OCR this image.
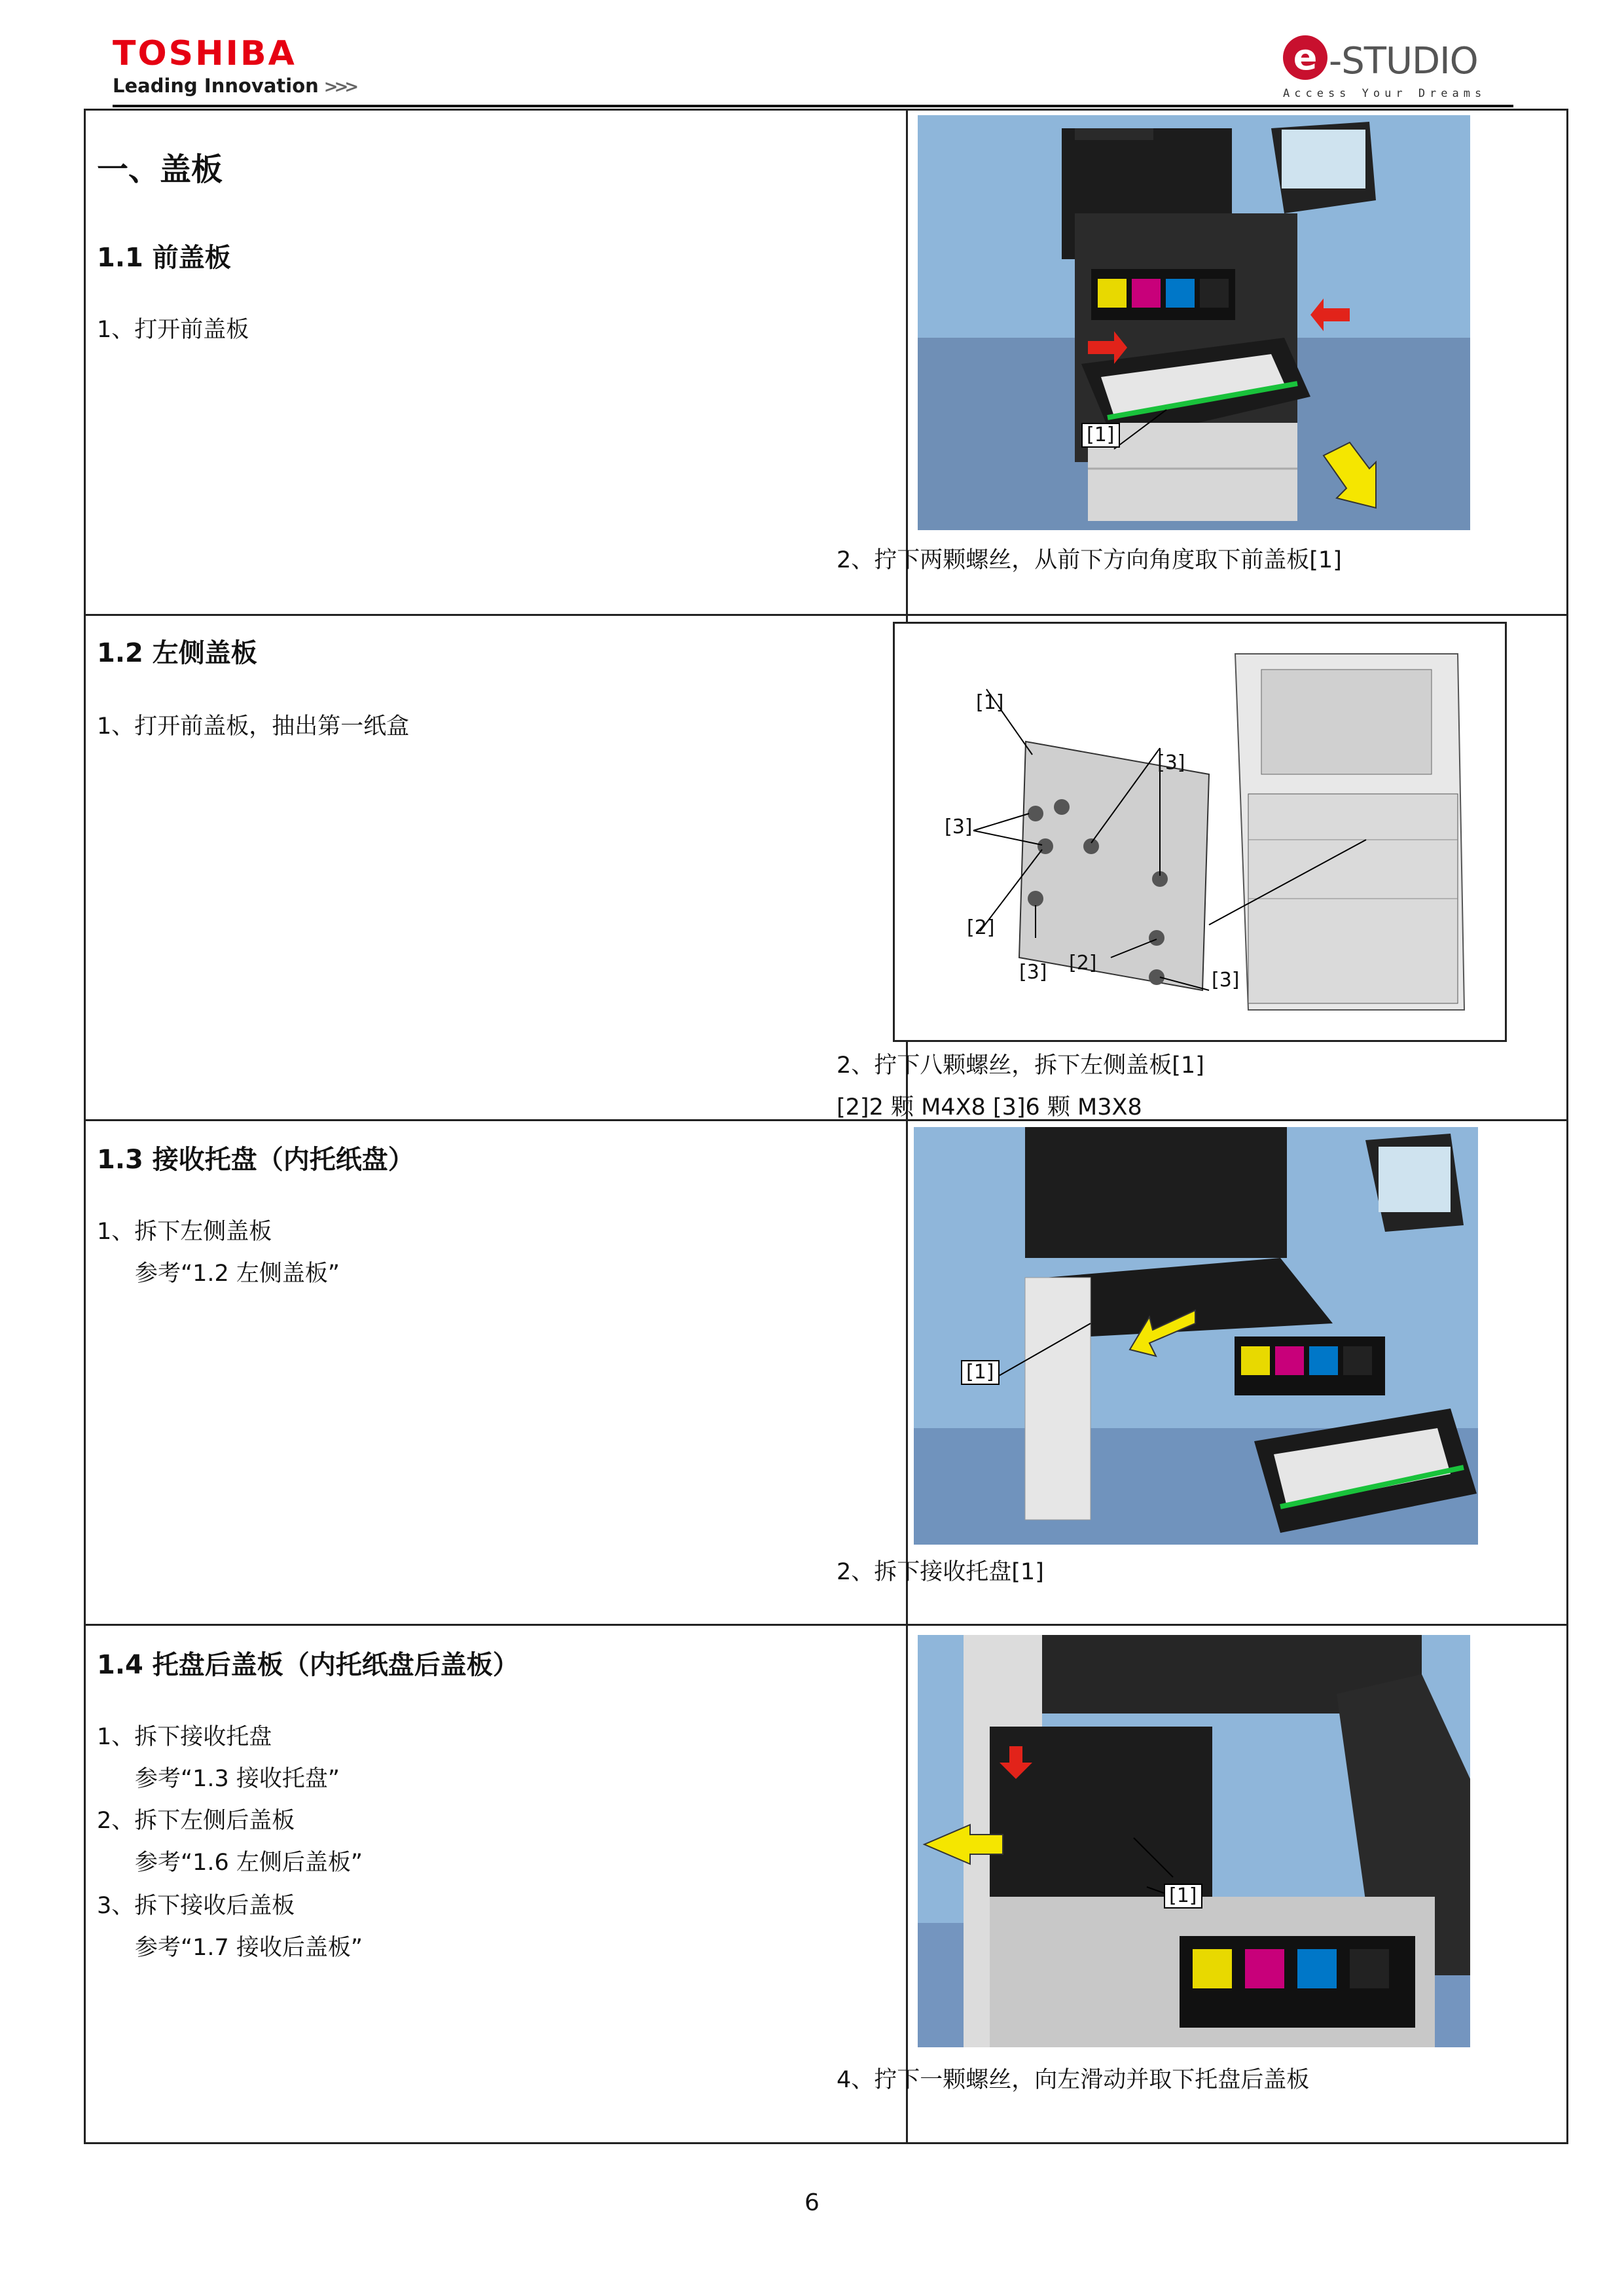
TOSHIBA
Leading Innovation >>>
e -STUDIO
Access Your Dreams
一、盖板
1.1 前盖板
1、打开前盖板
[1]
2、拧下两颗螺丝，从前下方向角度取下前盖板[1]
1.2 左侧盖板
1、打开前盖板，抽出第一纸盒
[1]
[3]
[3]
[2]
[3] [2]
[3]
2、拧下八颗螺丝，拆下左侧盖板[1]
[2]2 颗 M4X8 [3]6 颗 M3X8
1.3 接收托盘（内托纸盘）
1、拆下左侧盖板
参考“1.2 左侧盖板”
[1]
2、拆下接收托盘[1]
1.4 托盘后盖板（内托纸盘后盖板）
1、拆下接收托盘
参考“1.3 接收托盘”
2、拆下左侧后盖板
参考“1.6 左侧后盖板”
3、拆下接收后盖板
参考“1.7 接收后盖板”
[1]
4、拧下一颗螺丝，向左滑动并取下托盘后盖板
6
